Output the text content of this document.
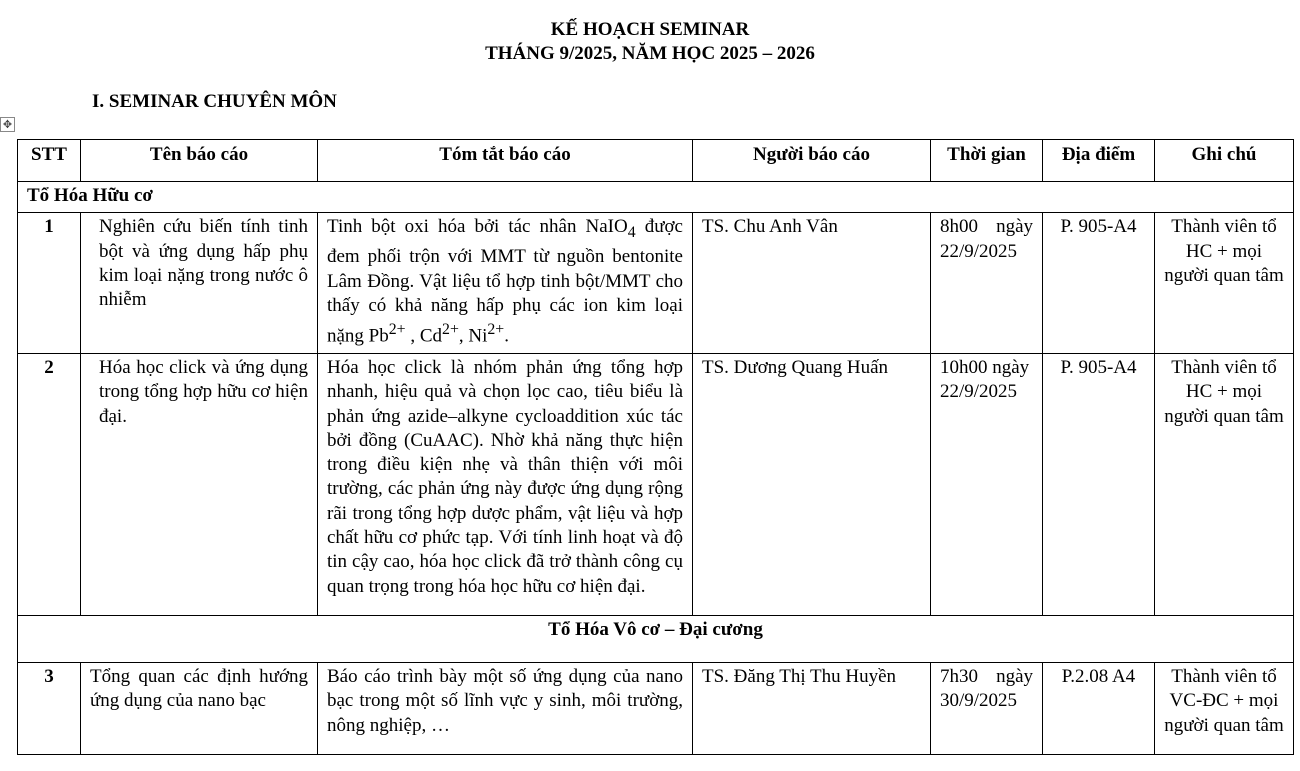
KẾ HOẠCH SEMINAR
THÁNG 9/2025, NĂM HỌC 2025 – 2026
I. SEMINAR CHUYÊN MÔN
✥
STT	Tên báo cáo	Tóm tắt báo cáo	Người báo cáo	Thời gian	Địa điểm	Ghi chú
Tổ Hóa Hữu cơ						
1	Nghiên cứu biến tính tinh bột và ứng dụng hấp phụ kim loại nặng trong nước ô nhiễm	Tinh bột oxi hóa bởi tác nhân NaIO$_4$ được đem phối trộn với MMT từ nguồn bentonite Lâm Đồng. Vật liệu tổ hợp tinh bột/MMT cho thấy có khả năng hấp phụ các ion kim loại nặng $Pb^{2+}$ , $Cd^{2+}$, $Ni^{2+}$.	TS. Chu Anh Vân	8h00 ngày 22/9/2025	P. 905-A4	Thành viên tổ HC + mọi người quan tâm
2	Hóa học click và ứng dụng trong tổng hợp hữu cơ hiện đại.	Hóa học click là nhóm phản ứng tổng hợp nhanh, hiệu quả và chọn lọc cao, tiêu biểu là phản ứng azide–alkyne cycloaddition xúc tác bởi đồng (CuAAC). Nhờ khả năng thực hiện trong điều kiện nhẹ và thân thiện với môi trường, các phản ứng này được ứng dụng rộng rãi trong tổng hợp dược phẩm, vật liệu và hợp chất hữu cơ phức tạp. Với tính linh hoạt và độ tin cậy cao, hóa học click đã trở thành công cụ quan trọng trong hóa học hữu cơ hiện đại.	TS. Dương Quang Huấn	10h00 ngày 22/9/2025	P. 905-A4	Thành viên tổ HC + mọi người quan tâm
Tổ Hóa Vô cơ – Đại cương						
3	Tổng quan các định hướng ứng dụng của nano bạc	Báo cáo trình bày một số ứng dụng của nano bạc trong một số lĩnh vực y sinh, môi trường, nông nghiệp, …	TS. Đăng Thị Thu Huyền	7h30 ngày 30/9/2025	P.2.08 A4	Thành viên tổ VC-ĐC + mọi người quan tâm
